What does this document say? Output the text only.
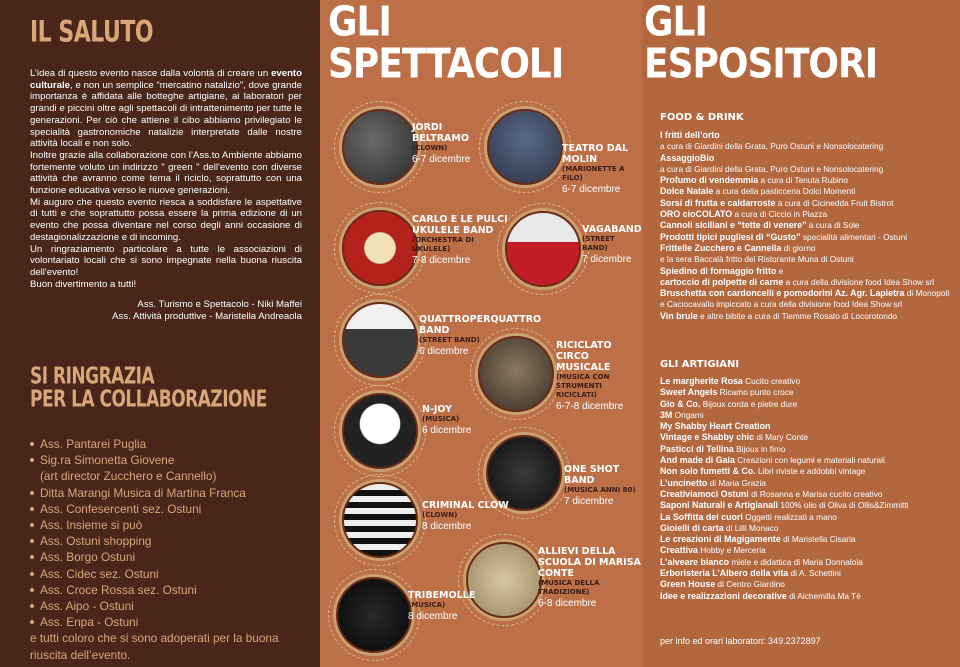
IL SALUTO

L’idea di questo evento nasce dalla volontà di creare un evento culturale, e non un semplice “mercatino natalizio”, dove grande importanza è affidata alle botteghe artigiane, ai laboratori per grandi e piccini oltre agli spettacoli di intrattenimento per tutte le generazioni. Per ciò che attiene il cibo abbiamo privilegiato le specialità gastronomiche natalizie interpretate dalle nostre attività locali e non solo.

Inoltre grazie alla collaborazione con l’Ass.to Ambiente abbiamo fortemente voluto un indirizzo " green " dell'evento con diverse attività che avranno come tema il riciclo, soprattutto con una funzione educativa verso le nuove generazioni.

Mi auguro che questo evento riesca a soddisfare le aspettative di tutti e che soprattutto possa essere la prima edizione di un evento che possa diventare nel corso degli anni occasione di destagionalizzazione e di incoming.

Un ringraziamento particolare a tutte le associazioni di volontariato locali che si sono impegnate nella buona riuscita dell'evento!

Buon divertimento a tutti!

Ass. Turismo e Spettacolo - Niki Maffei

Ass. Attività produttive - Maristella Andreaola

SI RINGRAZIA
PER LA COLLABORAZIONE
Ass. Pantarei Puglia
Sig.ra Simonetta Giovene
(art director Zucchero e Cannello)
Ditta Marangi Musica di Martina Franca
Ass. Confesercenti sez. Ostuni
Ass. Insieme si può
Ass. Ostuni shopping
Ass. Borgo Ostuni
Ass. Cidec sez. Ostuni
Ass. Croce Rossa sez. Ostuni
Ass. Aipo - Ostuni
Ass. Enpa - Ostuni
e tutti coloro che si sono adoperati per la buona
riuscita dell’evento.
GLI
SPETTACOLI
JORDI BELTRAMO
(CLOWN)
6-7 dicembre
TEATRO DAL MOLIN
(MARIONETTE A FILO)
6-7 dicembre
CARLO E LE PULCI UKULELE BAND
(ORCHESTRA DI UKULELE)
7-8 dicembre
VAGABAND
(STREET BAND)
7 dicembre
QUATTROPERQUATTRO BAND
(STREET BAND)
6 dicembre
RICICLATO CIRCO MUSICALE
(MUSICA CON STRUMENTI RICICLATI)
6-7-8 dicembre
N-JOY
(MUSICA)
6 dicembre
ONE SHOT BAND
(MUSICA ANNI 80)
7 dicembre
CRIMINAL CLOW
(CLOWN)
8 dicembre
ALLIEVI DELLA SCUOLA DI MARISA CONTE
(MUSICA DELLA TRADIZIONE)
6-8 dicembre
TRIBEMOLLE
(MUSICA)
8 dicembre
GLI
ESPOSITORI
FOOD & DRINK
I fritti dell’orto
a cura di Giardini della Grata, Puro Ostuni e Nonsolocatering
AssaggioBio
a cura di Giardini della Grata, Puro Ostuni e Nonsolocatering
Profumo di vendemmia a cura di Tenuta Rubino
Dolce Natale a cura della pasticceria Dolci Momenti
Sorsi di frutta e caldarroste a cura di Cicinedda Fruit Bistrot
ORO cioCOLATO a cura di Ciccio in Piazza
Cannoli siciliani e “tette di venere” a cura di Sole
Prodotti tipici pugliesi di “Gusto” specialità alimentari - Ostuni
Frittelle Zucchero e Cannella di giorno
e la sera Baccalà fritto del Ristorante Muna di Ostuni
Spiedino di formaggio fritto e
cartoccio di polpette di carne a cura della divisione food Idea Show srl
Bruschetta con cardoncelli e pomodorini Az. Agr. Lapietra di Monopoli
e Caciocavallo impiccato a cura della divisione food Idea Show srl
Vin brule e altre bibite a cura di Tiemme Rosato di Locorotondo
GLI ARTIGIANI
Le margherite Rosa Cucito creativo
Sweet Angels Ricamo punto croce
Gio & Co. Bijoux corda e pietre dure
3M Origami
My Shabby Heart Creation
Vintage e Shabby chic di Mary Conte
Pasticci di Tellina Bijoux in fimo
And made di Gaia Creazioni con legumi e materiali naturali
Non solo fumetti & Co. Libri riviste e addobbi vintage
L’uncinetto di Maria Grazia
Creativiamoci Ostuni di Rosanna e Marisa cucito creativo
Saponi Naturali e Artigianali 100% olio di Oliva di Ollis&Zimmitti
La Soffitta dei cuori Oggetti realizzati a mano
Gioielli di carta di Lilli Monaco
Le creazioni di Magigamente di Maristella Cisaria
Creattiva Hobby e Merceria
L’alveare bianco miele e didattica di Maria Donnaloia
Erboristeria L’Albero della vita di A. Schettini
Green House di Centro Giardino
Idee e realizzazioni decorative di Alchemilla Ma Tè
per info ed orari laboratori: 349.2372897
